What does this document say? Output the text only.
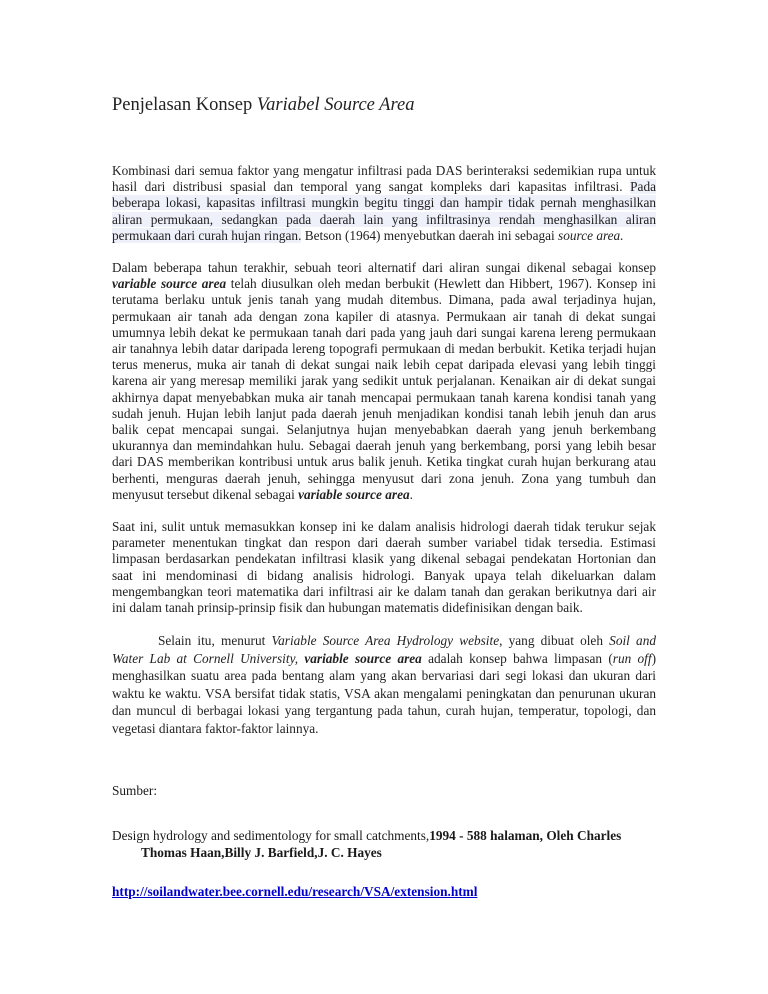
Penjelasan Konsep Variabel Source Area

Kombinasi dari semua faktor yang mengatur infiltrasi pada DAS berinteraksi sedemikian rupa untuk hasil dari distribusi spasial dan temporal yang sangat kompleks dari kapasitas infiltrasi. Pada beberapa lokasi, kapasitas infiltrasi mungkin begitu tinggi dan hampir tidak pernah menghasilkan aliran permukaan, sedangkan pada daerah lain yang infiltrasinya rendah menghasilkan aliran permukaan dari curah hujan ringan. Betson (1964) menyebutkan daerah ini sebagai source area.

Dalam beberapa tahun terakhir, sebuah teori alternatif dari aliran sungai dikenal sebagai konsep variable source area telah diusulkan oleh medan berbukit (Hewlett dan Hibbert, 1967). Konsep ini terutama berlaku untuk jenis tanah yang mudah ditembus. Dimana, pada awal terjadinya hujan, permukaan air tanah ada dengan zona kapiler di atasnya. Permukaan air tanah di dekat sungai umumnya lebih dekat ke permukaan tanah dari pada yang jauh dari sungai karena lereng permukaan air tanahnya lebih datar daripada lereng topografi permukaan di medan berbukit. Ketika terjadi hujan terus menerus, muka air tanah di dekat sungai naik lebih cepat daripada elevasi yang lebih tinggi karena air yang meresap memiliki jarak yang sedikit untuk perjalanan. Kenaikan air di dekat sungai akhirnya dapat menyebabkan muka air tanah mencapai permukaan tanah karena kondisi tanah yang sudah jenuh. Hujan lebih lanjut pada daerah jenuh menjadikan kondisi tanah lebih jenuh dan arus balik cepat mencapai sungai. Selanjutnya hujan menyebabkan daerah yang jenuh berkembang ukurannya dan memindahkan hulu. Sebagai daerah jenuh yang berkembang, porsi yang lebih besar dari DAS memberikan kontribusi untuk arus balik jenuh. Ketika tingkat curah hujan berkurang atau berhenti, menguras daerah jenuh, sehingga menyusut dari zona jenuh. Zona yang tumbuh dan menyusut tersebut dikenal sebagai variable source area.

Saat ini, sulit untuk memasukkan konsep ini ke dalam analisis hidrologi daerah tidak terukur sejak parameter menentukan tingkat dan respon dari daerah sumber variabel tidak tersedia. Estimasi limpasan berdasarkan pendekatan infiltrasi klasik yang dikenal sebagai pendekatan Hortonian dan saat ini mendominasi di bidang analisis hidrologi. Banyak upaya telah dikeluarkan dalam mengembangkan teori matematika dari infiltrasi air ke dalam tanah dan gerakan berikutnya dari air ini dalam tanah prinsip-prinsip fisik dan hubungan matematis didefinisikan dengan baik.

Selain itu, menurut Variable Source Area Hydrology website, yang dibuat oleh Soil and Water Lab at Cornell University, variable source area adalah konsep bahwa limpasan (run off) menghasilkan suatu area pada bentang alam yang akan bervariasi dari segi lokasi dan ukuran dari waktu ke waktu. VSA bersifat tidak statis, VSA akan mengalami peningkatan dan penurunan ukuran dan muncul di berbagai lokasi yang tergantung pada tahun, curah hujan, temperatur, topologi, dan vegetasi diantara faktor-faktor lainnya.

Sumber:

Design hydrology and sedimentology for small catchments,1994 - 588 halaman, Oleh Charles Thomas Haan,Billy J. Barfield,J. C. Hayes

http://soilandwater.bee.cornell.edu/research/VSA/extension.html
